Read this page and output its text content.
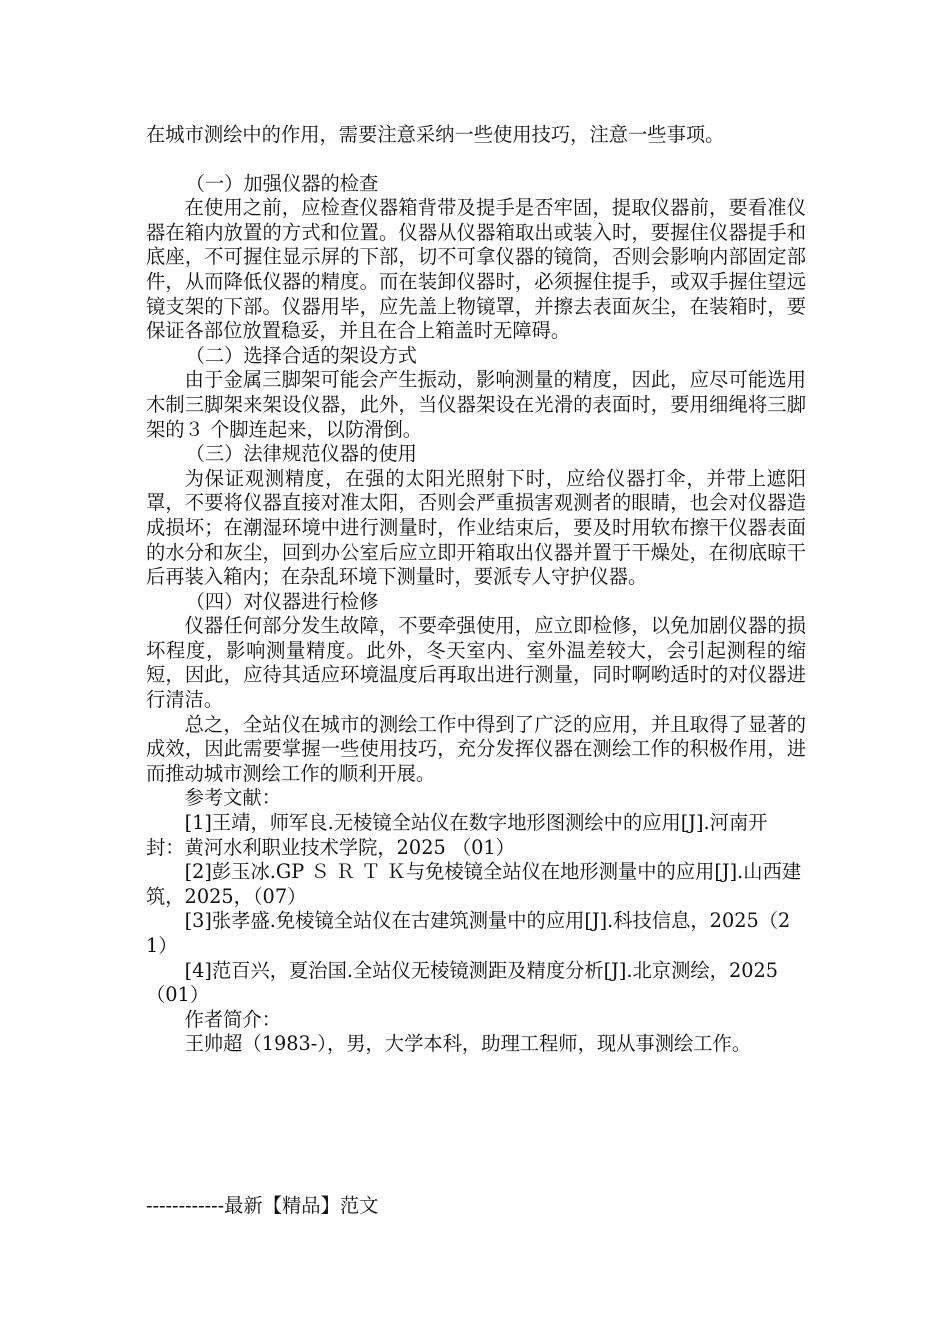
在城市测绘中的作用，需要注意采纳一些使用技巧，注意一些事项。

（一）加强仪器的检查

在使用之前，应检查仪器箱背带及提手是否牢固，提取仪器前，要看准仪器在箱内放置的方式和位置。仪器从仪器箱取出或装入时，要握住仪器提手和底座，不可握住显示屏的下部，切不可拿仪器的镜筒，否则会影响内部固定部件，从而降低仪器的精度。而在装卸仪器时，必须握住提手，或双手握住望远镜支架的下部。仪器用毕，应先盖上物镜罩，并擦去表面灰尘，在装箱时，要保证各部位放置稳妥，并且在合上箱盖时无障碍。

（二）选择合适的架设方式

由于金属三脚架可能会产生振动，影响测量的精度，因此，应尽可能选用木制三脚架来架设仪器，此外，当仪器架设在光滑的表面时，要用细绳将三脚架的３ 个脚连起来，以防滑倒。

（三）法律规范仪器的使用

为保证观测精度，在强的太阳光照射下时，应给仪器打伞，并带上遮阳罩，不要将仪器直接对准太阳，否则会严重损害观测者的眼睛，也会对仪器造成损坏；在潮湿环境中进行测量时，作业结束后，要及时用软布擦干仪器表面的水分和灰尘，回到办公室后应立即开箱取出仪器并置于干燥处，在彻底晾干后再装入箱内；在杂乱环境下测量时，要派专人守护仪器。

（四）对仪器进行检修

仪器任何部分发生故障，不要牵强使用，应立即检修，以免加剧仪器的损坏程度，影响测量精度。此外，冬天室内、室外温差较大，会引起测程的缩短，因此，应待其适应环境温度后再取出进行测量，同时啊哟适时的对仪器进行清洁。

总之，全站仪在城市的测绘工作中得到了广泛的应用，并且取得了显著的成效，因此需要掌握一些使用技巧，充分发挥仪器在测绘工作的积极作用，进而推动城市测绘工作的顺利开展。

参考文献：

[1]王靖，师军良.无棱镜全站仪在数字地形图测绘中的应用[J].河南开封：黄河水利职业技术学院，2025 （01）

[2]彭玉冰.GP Ｓ Ｒ Ｔ Ｋ与免棱镜全站仪在地形测量中的应用[J].山西建筑，2025，（07）

[3]张孝盛.免棱镜全站仪在古建筑测量中的应用[J].科技信息，2025（21）

[4]范百兴，夏治国.全站仪无棱镜测距及精度分析[J].北京测绘，2025（01）

作者简介：

王帅超（1983-），男，大学本科，助理工程师，现从事测绘工作。

------------最新【精品】范文
